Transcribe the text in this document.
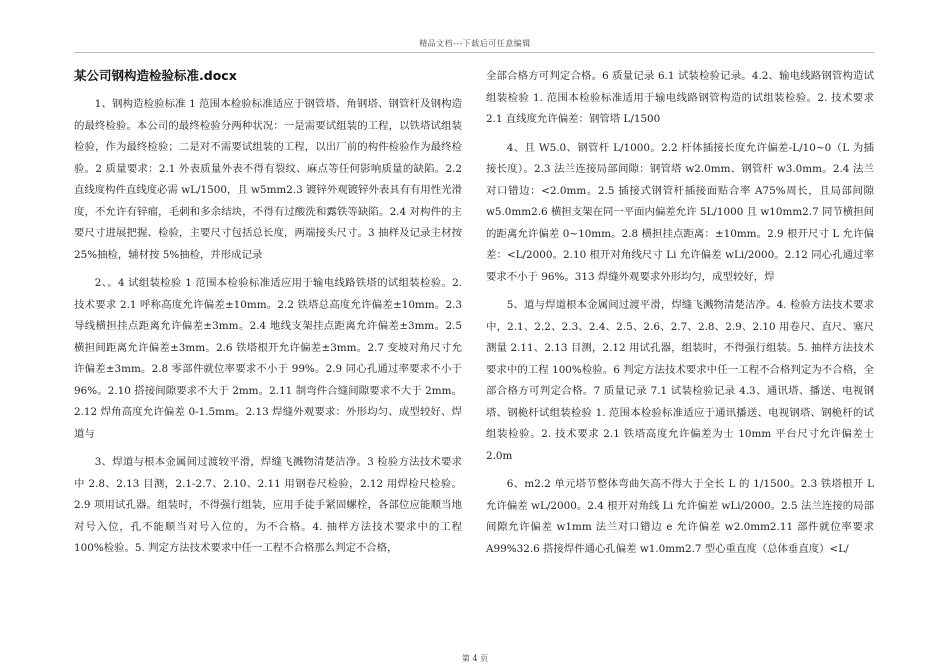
精品文档---下载后可任意编辑
某公司钢构造检验标准.docx

1、钢构造检验标准 1 范围本检验标准适应于钢管塔、角钢塔、钢管杆及钢构造的最终检验。本公司的最终检验分两种状况：一是需要试组装的工程，以铁塔试组装检验，作为最终检验；二是对不需要试组装的工程，以出厂前的构件检验作为最终检验。2 质量要求：2.1 外表质量外表不得有裂纹、麻点等任何影响质量的缺陷。2.2 直线度构件直线度必需 wL/1500，且 w5mm2.3 镀锌外观镀锌外表具有有用性光滑度，不允许有锌瘤，毛刺和多余结块，不得有过酸洗和露铁等缺陷。2.4 对构件的主要尺寸进展把握、检验，主要尺寸包括总长度，两端接头尺寸。3 抽样及记录主材按 25%抽检，辅材按 5%抽检，并形成记录

2、。4 试组装检验 1 范围本检验标准适应用于输电线路铁塔的试组装检验。2. 技术要求 2.1 呼称高度允许偏差±10mm。2.2 铁塔总高度允许偏差±10mm。2.3 导线横担挂点距离允许偏差±3mm。2.4 地线支架挂点距离允许偏差±3mm。2.5 横担间距离允许偏差±3mm。2.6 铁塔根开允许偏差±3mm。2.7 变坡对角尺寸允许偏差±3mm。2.8 零部件就位率要求不小于 99%。2.9 同心孔通过率要求不小于 96%。2.10 搭接间隙要求不大于 2mm。2.11 制弯件合缝间隙要求不大于 2mm。2.12 焊角高度允许偏差 0-1.5mm。2.13 焊缝外观要求：外形均匀、成型较好、焊道与

3、焊道与根本金属间过渡较平滑，焊缝飞溅物清楚洁净。3 检验方法技术要求中 2.8、2.13 目测，2.1-2.7、2.10、2.11 用钢卷尺检验，2.12 用焊检尺检验。2.9 项用试孔器。组装时，不得强行组装，应用手徒手紧固螺栓，各部位应能顺当地对号入位，孔不能顺当对号入位的，为不合格。4. 抽样方法技术要求中的工程 100%检验。5. 判定方法技术要求中任一工程不合格那么判定不合格，

全部合格方可判定合格。6 质量记录 6.1 试装检验记录。4.2、输电线路钢管构造试组装检验 1. 范围本检验标准适用于输电线路钢管构造的试组装检验。2. 技术要求 2.1 直线度允许偏差：钢管塔 L/1500

4、且 W5.0、钢管杆 L/1000。2.2 杆体插接长度允许偏差-L/10~0（L 为插接长度）。2.3 法兰连接局部间隙：钢管塔 w2.0mm、钢管杆 w3.0mm。2.4 法兰对口错边：<2.0mm。2.5 插接式钢管杆插接面贴合率 A75%周长，且局部间隙 w5.0mm2.6 横担支架在同一平面内偏差允许 5L/1000 且 w10mm2.7 同节横担间的距离允许偏差 0~10mm。2.8 横担挂点距离：±10mm。2.9 根开尺寸 L 允许偏差：<L/2000。2.10 根开对角线尺寸 Li 允许偏差 wLi/2000。2.12 同心孔通过率要求不小于 96%。313 焊缝外观要求外形均匀，成型较好，焊

5、道与焊道根本金属间过渡平滑，焊缝飞溅物清楚洁净。4. 检验方法技术要求中，2.1、2.2、2.3、2.4、2.5、2.6、2.7、2.8、2.9、2.10 用卷尺、直尺、塞尺测量 2.11、2.13 目测，2.12 用试孔器，组装时，不得强行组装。5. 抽样方法技术要求中的工程 100%检验。6 判定方法技术要求中任一工程不合格判定为不合格，全部合格方可判定合格。7 质量记录 7.1 试装检验记录 4.3、通讯塔、播送、电视钢塔、钢桅杆试组装检验 1. 范围本检验标准适应于通讯播送、电视钢塔、钢桅杆的试组装检验。2. 技术要求 2.1 铁塔高度允许偏差为士 10mm 平台尺寸允许偏差士 2.0m

6、m2.2 单元塔节整体弯曲矢高不得大于全长 L 的 1/1500。2.3 铁塔根开 L 允许偏差 wL/2000。2.4 根开对角线 Li 允许偏差 wLi/2000。2.5 法兰连接的局部间隙允许偏差 w1mm 法兰对口错边 e 允许偏差 w2.0mm2.11 部件就位率要求 A99%32.6 搭接焊件通心孔偏差 w1.0mm2.7 型心重直度（总体垂直度）<L/

第 4 页
